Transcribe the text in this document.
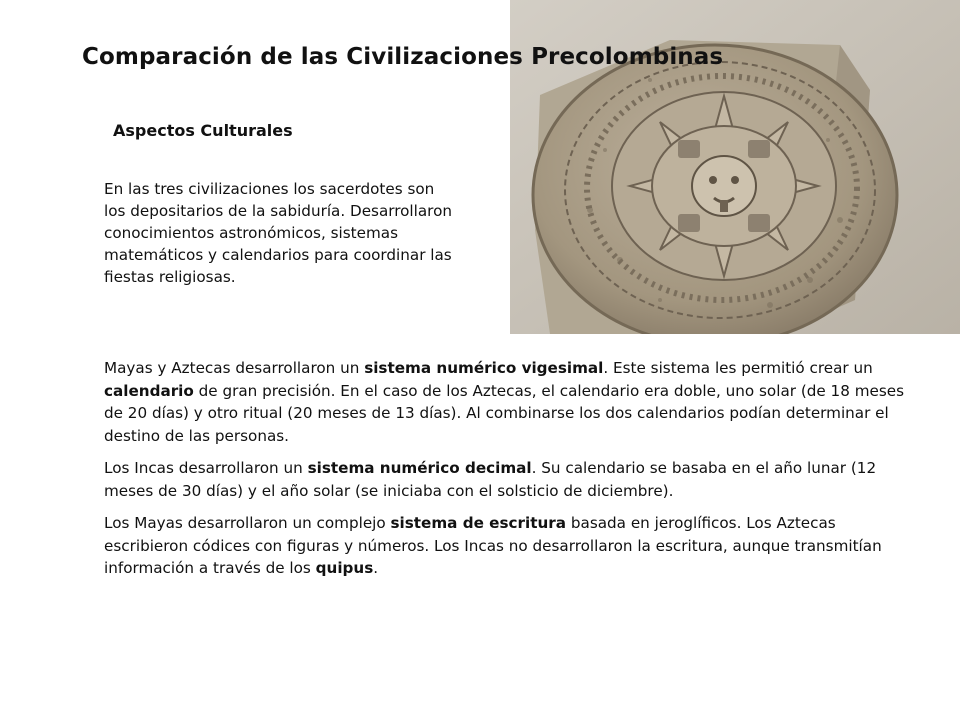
Comparación de las Civilizaciones Precolombinas
Aspectos Culturales

En las tres civilizaciones los sacerdotes son los depositarios de la sabiduría. Desarrollaron conocimientos astronómicos, sistemas matemáticos y calendarios para coordinar las fiestas religiosas.

Mayas y Aztecas desarrollaron un sistema numérico vigesimal. Este sistema les permitió crear un calendario de gran precisión. En el caso de los Aztecas, el calendario era doble, uno solar (de 18 meses de 20 días) y otro ritual (20 meses de 13 días). Al combinarse los dos calendarios podían determinar el destino de las personas.

Los Incas desarrollaron un sistema numérico decimal. Su calendario se basaba en el año lunar (12 meses de 30 días) y el año solar (se iniciaba con el solsticio de diciembre).

Los Mayas desarrollaron un complejo sistema de escritura basada en jeroglíficos. Los Aztecas escribieron códices con figuras y números. Los Incas no desarrollaron la escritura, aunque transmitían información a través de los quipus.
